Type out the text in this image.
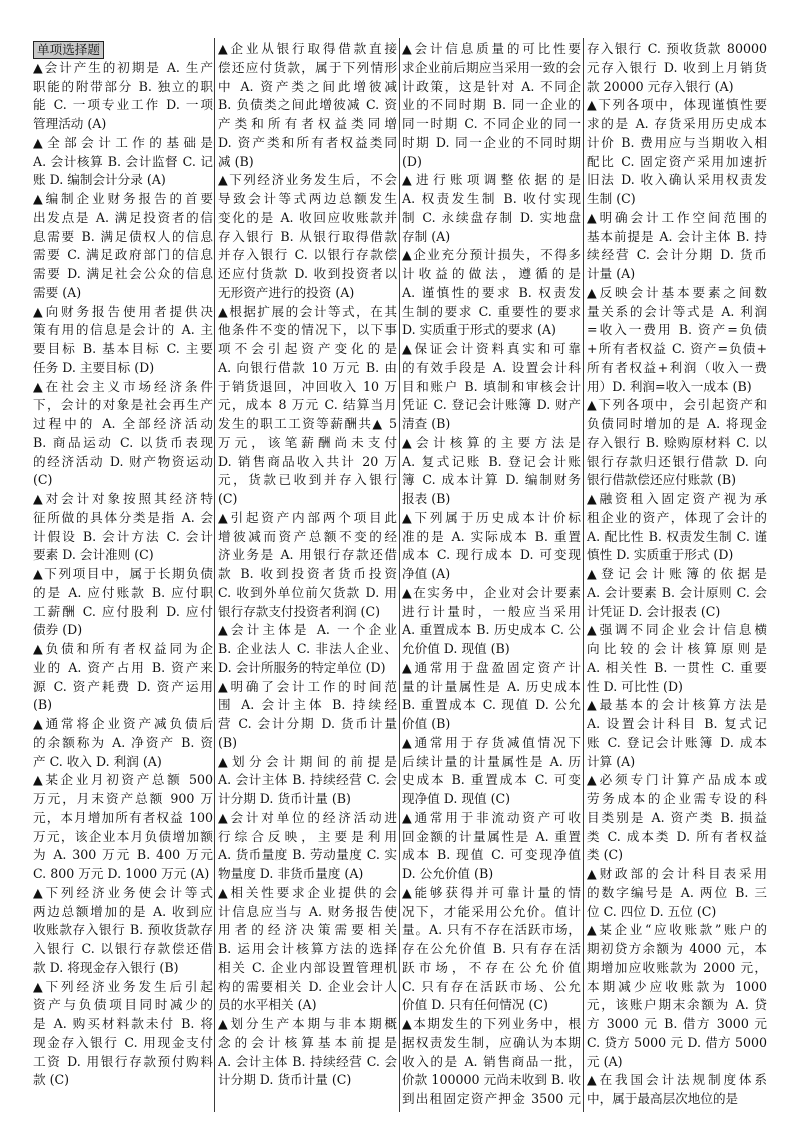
单项选择题
▲会计产生的初期是 A. 生产
职能的附带部分 B. 独立的职
能 C. 一项专业工作 D. 一项
管理活动 (A)
▲全部会计工作的基础是
A. 会计核算 B. 会计监督 C. 记
账 D. 编制会计分录 (A)
▲编制企业财务报告的首要
出发点是 A. 满足投资者的信
息需要 B. 满足债权人的信息
需要 C. 满足政府部门的信息
需要 D. 满足社会公众的信息
需要 (A)
▲向财务报告使用者提供决
策有用的信息是会计的 A. 主
要目标 B. 基本目标 C. 主要
任务 D. 主要目标 (D)
▲在社会主义市场经济条件
下，会计的对象是社会再生产
过程中的 A. 全部经济活动
B. 商品运动 C. 以货币表现
的经济活动 D. 财产物资运动
(C)
▲对会计对象按照其经济特
征所做的具体分类是指 A. 会
计假设 B. 会计方法 C. 会计
要素 D. 会计准则 (C)
▲下列项目中，属于长期负债
的是 A. 应付账款 B. 应付职
工薪酬 C. 应付股利 D. 应付
债券 (D)
▲负债和所有者权益同为企
业的 A. 资产占用 B. 资产来
源 C. 资产耗费 D. 资产运用
(B)
▲通常将企业资产减负债后
的余额称为 A. 净资产 B. 资
产 C. 收入 D. 利润 (A)
▲某企业月初资产总额 500
万元，月末资产总额 900 万
元，本月增加所有者权益 100
万元，该企业本月负债增加额
为 A. 300 万元 B. 400 万元
C. 800 万元 D. 1000 万元 (A)
▲下列经济业务使会计等式
两边总额增加的是 A. 收到应
收账款存入银行 B. 预收货款存
入银行 C. 以银行存款偿还借
款 D. 将现金存入银行 (B)
▲下列经济业务发生后引起
资产与负债项目同时减少的
是 A. 购买材料款未付 B. 将
现金存入银行 C. 用现金支付
工资 D. 用银行存款预付购料
款 (C)
▲企业从银行取得借款直接
偿还应付货款，属于下列情形
中 A. 资产类之间此增彼减
B. 负债类之间此增彼减 C. 资
产类和所有者权益类同增
D. 资产类和所有者权益类同
减 (B)
▲下列经济业务发生后，不会
导致会计等式两边总额发生
变化的是 A. 收回应收账款并
存入银行 B. 从银行取得借款
并存入银行 C. 以银行存款偿
还应付货款 D. 收到投资者以
无形资产进行的投资 (A)
▲根据扩展的会计等式，在其
他条件不变的情况下，以下事
项不会引起资产变化的是
A. 向银行借款 10 万元 B. 由
于销货退回，冲回收入 10 万
元，成本 8 万元 C. 结算当月
发生的职工工资等薪酬共▲ 5
万元，该笔薪酬尚未支付
D. 销售商品收入共计 20 万
元，货款已收到并存入银行
(C)
▲引起资产内部两个项目此
增彼减而资产总额不变的经
济业务是 A. 用银行存款还借
款 B. 收到投资者货币投资
C. 收到外单位前欠货款 D. 用
银行存款支付投资者利润 (C)
▲会计主体是 A. 一个企业
B. 企业法人 C. 非法人企业、
D. 会计所服务的特定单位 (D)
▲明确了会计工作的时间范
围 A. 会计主体 B. 持续经
营 C. 会计分期 D. 货币计量
(B)
▲划分会计期间的前提是
A. 会计主体 B. 持续经营 C. 会
计分期 D. 货币计量 (B)
▲会计对单位的经济活动进
行综合反映，主要是利用
A. 货币量度 B. 劳动量度 C. 实
物量度 D. 非货币量度 (A)
▲相关性要求企业提供的会
计信息应当与 A. 财务报告使
用者的经济决策需要相关
B. 运用会计核算方法的选择
相关 C. 企业内部设置管理机
构的需要相关 D. 企业会计人
员的水平相关 (A)
▲划分生产本期与非本期概
念的会计核算基本前提是
A. 会计主体 B. 持续经营 C. 会
计分期 D. 货币计量 (C)
▲会计信息质量的可比性要
求企业前后期应当采用一致的会
计政策，这是针对 A. 不同企
业的不同时期 B. 同一企业的
同一时期 C. 不同企业的同一
时期 D. 同一企业的不同时期
(D)
▲进行账项调整依据的是
A. 权责发生制 B. 收付实现
制 C. 永续盘存制 D. 实地盘
存制 (A)
▲企业充分预计损失，不得多
计收益的做法，遵循的是
A. 谨慎性的要求 B. 权责发
生制的要求 C. 重要性的要求
D. 实质重于形式的要求 (A)
▲保证会计资料真实和可靠
的有效手段是 A. 设置会计科
目和账户 B. 填制和审核会计
凭证 C. 登记会计账簿 D. 财产
清查 (B)
▲会计核算的主要方法是
A. 复式记账 B. 登记会计账
簿 C. 成本计算 D. 编制财务
报表 (B)
▲下列属于历史成本计价标
准的是 A. 实际成本 B. 重置
成本 C. 现行成本 D. 可变现
净值 (A)
▲在实务中，企业对会计要素
进行计量时，一般应当采用
A. 重置成本 B. 历史成本 C. 公
允价值 D. 现值 (B)
▲通常用于盘盈固定资产计
量的计量属性是 A. 历史成本
B. 重置成本 C. 现值 D. 公允
价值 (B)
▲通常用于存货减值情况下
后续计量的计量属性是 A. 历
史成本 B. 重置成本 C. 可变
现净值 D. 现值 (C)
▲通常用于非流动资产可收
回金额的计量属性是 A. 重置
成本 B. 现值 C. 可变现净值
D. 公允价值 (B)
▲能够获得并可靠计量的情
况下，才能采用公允价。值计
量。A. 只有不存在活跃市场，
存在公允价值 B. 只有存在活
跃市场，不存在公允价值
C. 只有存在活跃市场、公允
价值 D. 只有任何情况 (C)
▲本期发生的下列业务中，根
据权责发生制，应确认为本期
收入的是 A. 销售商品一批，
价款 100000 元尚未收到 B. 收
到出租固定资产押金 3500 元
存入银行 C. 预收货款 80000
元存入银行 D. 收到上月销货
款 20000 元存入银行 (A)
▲下列各项中，体现谨慎性要
求的是 A. 存货采用历史成本
计价 B. 费用应与当期收入相
配比 C. 固定资产采用加速折
旧法 D. 收入确认采用权责发
生制 (C)
▲明确会计工作空间范围的
基本前提是 A. 会计主体 B. 持
续经营 C. 会计分期 D. 货币
计量 (A)
▲反映会计基本要素之间数
量关系的会计等式是 A. 利润
=收入一费用 B. 资产=负债
+所有者权益 C. 资产=负债+
所有者权益+利润（收入一费
用）D. 利润=收入一成本 (B)
▲下列各项中，会引起资产和
负债同时增加的是 A. 将现金
存入银行 B. 赊购原材料 C. 以
银行存款归还银行借款 D. 向
银行借款偿还应付账款 (B)
▲融资租入固定资产视为承
租企业的资产，体现了会计的
A. 配比性 B. 权责发生制 C. 谨
慎性 D. 实质重于形式 (D)
▲登记会计账簿的依据是
A. 会计要素 B. 会计原则 C. 会
计凭证 D. 会计报表 (C)
▲强调不同企业会计信息横
向比较的会计核算原则是
A. 相关性 B. 一贯性 C. 重要
性 D. 可比性 (D)
▲最基本的会计核算方法是
A. 设置会计科目 B. 复式记
账 C. 登记会计账簿 D. 成本
计算 (A)
▲必须专门计算产品成本或
劳务成本的企业需专设的科
目类别是 A. 资产类 B. 损益
类 C. 成本类 D. 所有者权益
类 (C)
▲财政部的会计科目表采用
的数字编号是 A. 两位 B. 三
位 C. 四位 D. 五位 (C)
▲某企业“应收账款”账户的
期初贷方余额为 4000 元，本
期增加应收账款为 2000 元，
本期减少应收账款为 1000
元，该账户期末余额为 A. 贷
方 3000 元 B. 借方 3000 元
C. 贷方 5000 元 D. 借方 5000
元 (A)
▲在我国会计法规制度体系
中，属于最高层次地位的是
